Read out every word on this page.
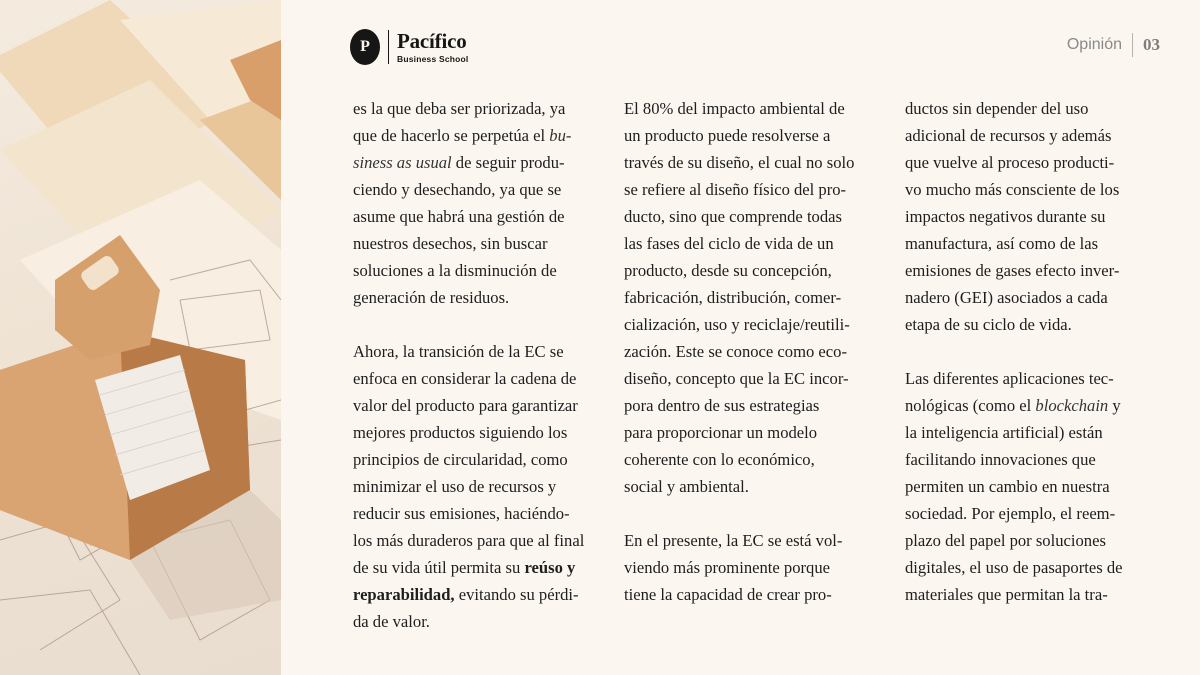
P	Pacífico
Business School
Opinión 03

es la que deba ser priorizada, ya
que de hacerlo se perpetúa el bu-
siness as usual de seguir produ-
ciendo y desechando, ya que se
asume que habrá una gestión de
nuestros desechos, sin buscar
soluciones a la disminución de
generación de residuos.

Ahora, la transición de la EC se
enfoca en considerar la cadena de
valor del producto para garantizar
mejores productos siguiendo los
principios de circularidad, como
minimizar el uso de recursos y
reducir sus emisiones, haciéndo-
los más duraderos para que al final
de su vida útil permita su reúso y
reparabilidad, evitando su pérdi-
da de valor.

El 80% del impacto ambiental de
un producto puede resolverse a
través de su diseño, el cual no solo
se refiere al diseño físico del pro-
ducto, sino que comprende todas
las fases del ciclo de vida de un
producto, desde su concepción,
fabricación, distribución, comer-
cialización, uso y reciclaje/reutili-
zación. Este se conoce como eco-
diseño, concepto que la EC incor-
pora dentro de sus estrategias
para proporcionar un modelo
coherente con lo económico,
social y ambiental.

En el presente, la EC se está vol-
viendo más prominente porque
tiene la capacidad de crear pro-

ductos sin depender del uso
adicional de recursos y además
que vuelve al proceso producti-
vo mucho más consciente de los
impactos negativos durante su
manufactura, así como de las
emisiones de gases efecto inver-
nadero (GEI) asociados a cada
etapa de su ciclo de vida.

Las diferentes aplicaciones tec-
nológicas (como el blockchain y
la inteligencia artificial) están
facilitando innovaciones que
permiten un cambio en nuestra
sociedad. Por ejemplo, el reem-
plazo del papel por soluciones
digitales, el uso de pasaportes de
materiales que permitan la tra-
